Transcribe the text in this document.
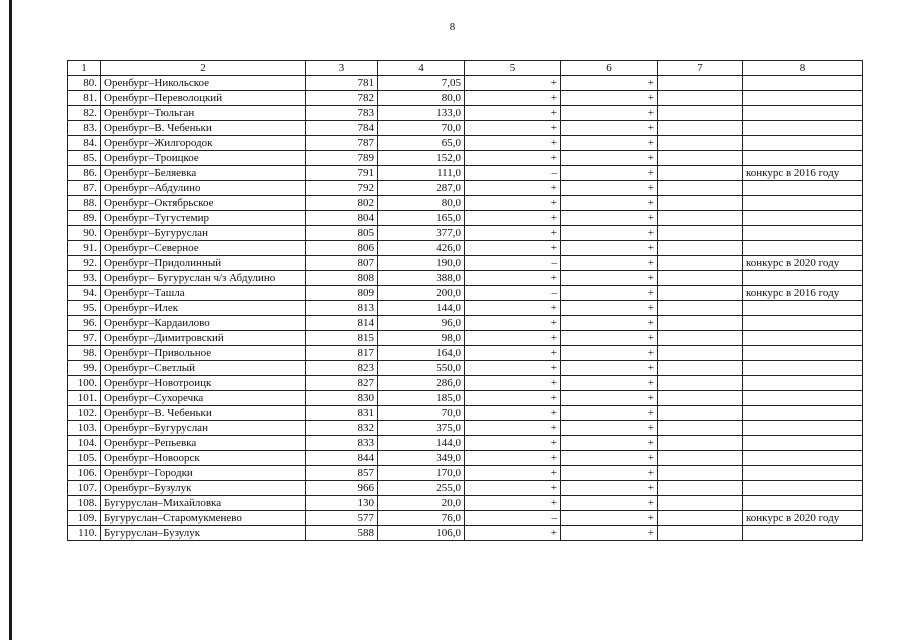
8
1	2	3	4	5	6	7	8
80.	Оренбург–Никольское	781	7,05	+	+		
81.	Оренбург–Переволоцкий	782	80,0	+	+		
82.	Оренбург–Тюльган	783	133,0	+	+		
83.	Оренбург–В. Чебеньки	784	70,0	+	+		
84.	Оренбург–Жилгородок	787	65,0	+	+		
85.	Оренбург–Троицкое	789	152,0	+	+		
86.	Оренбург–Беляевка	791	111,0	–	+		конкурс в 2016 году
87.	Оренбург–Абдулино	792	287,0	+	+		
88.	Оренбург–Октябрьское	802	80,0	+	+		
89.	Оренбург–Тугустемир	804	165,0	+	+		
90.	Оренбург–Бугуруслан	805	377,0	+	+		
91.	Оренбург–Северное	806	426,0	+	+		
92.	Оренбург–Придолинный	807	190,0	–	+		конкурс в 2020 году
93.	Оренбург– Бугуруслан ч/з Абдулино	808	388,0	+	+		
94.	Оренбург–Ташла	809	200,0	–	+		конкурс в 2016 году
95.	Оренбург–Илек	813	144,0	+	+		
96.	Оренбург–Кардаилово	814	96,0	+	+		
97.	Оренбург–Димитровский	815	98,0	+	+		
98.	Оренбург–Привольное	817	164,0	+	+		
99.	Оренбург–Светлый	823	550,0	+	+		
100.	Оренбург–Новотроицк	827	286,0	+	+		
101.	Оренбург–Сухоречка	830	185,0	+	+		
102.	Оренбург–В. Чебеньки	831	70,0	+	+		
103.	Оренбург–Бугуруслан	832	375,0	+	+		
104.	Оренбург–Репьевка	833	144,0	+	+		
105.	Оренбург–Новоорск	844	349,0	+	+		
106.	Оренбург–Городки	857	170,0	+	+		
107.	Оренбург–Бузулук	966	255,0	+	+		
108.	Бугуруслан–Михайловка	130	20,0	+	+		
109.	Бугуруслан–Старомукменево	577	76,0	–	+		конкурс в 2020 году
110.	Бугуруслан–Бузулук	588	106,0	+	+		
